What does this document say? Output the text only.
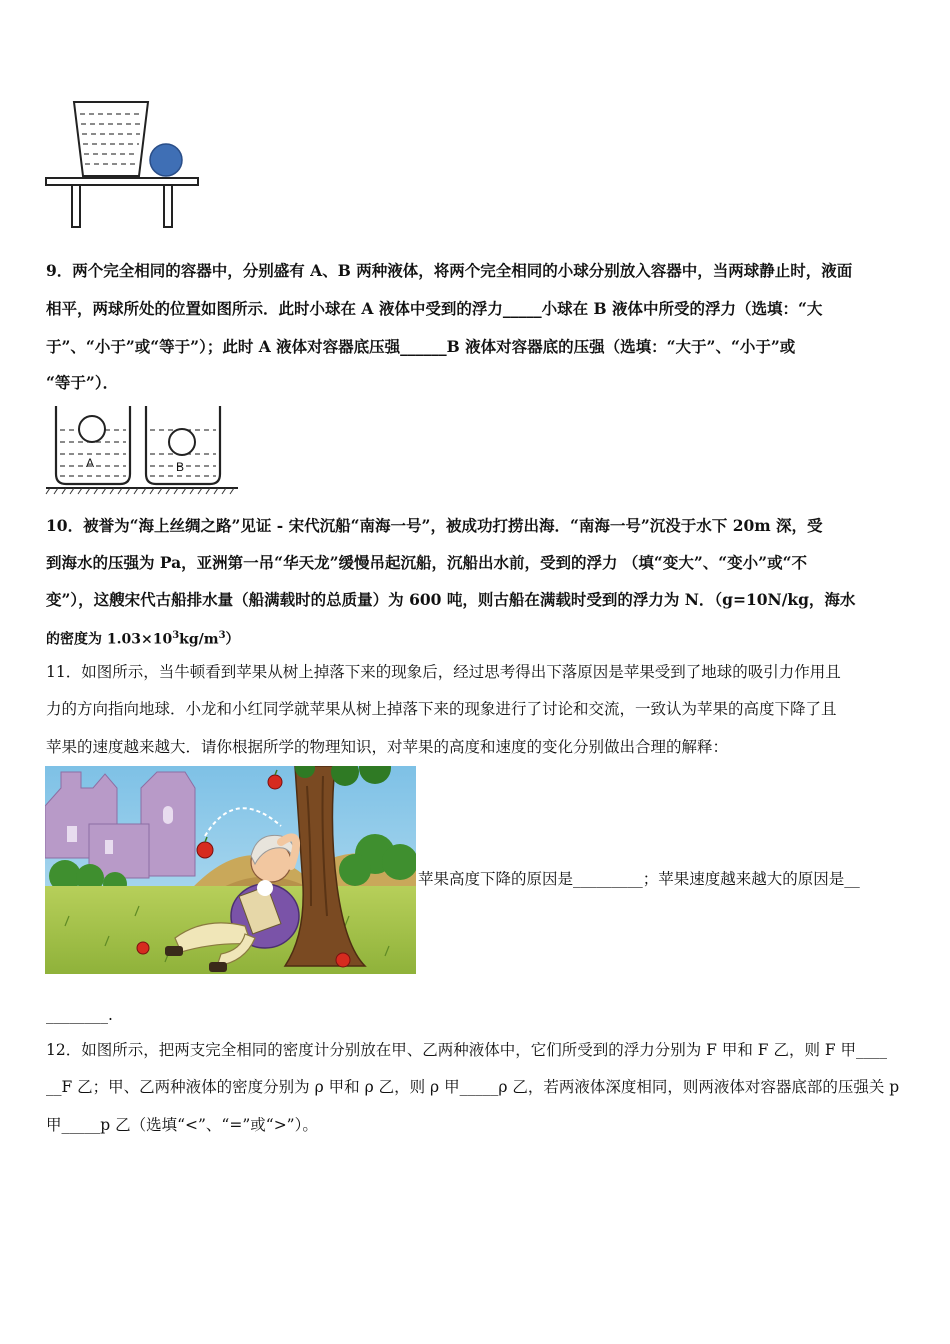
9．两个完全相同的容器中，分别盛有 A、B 两种液体，将两个完全相同的小球分别放入容器中，当两球静止时，液面
相平，两球所处的位置如图所示．此时小球在 A 液体中受到的浮力_____小球在 B 液体中所受的浮力（选填：“大
于”、“小于”或“等于”）；此时 A 液体对容器底压强______B 液体对容器底的压强（选填：“大于”、“小于”或
“等于”）．
A	B
10．被誉为“海上丝绸之路”见证 - 宋代沉船“南海一号”，被成功打捞出海．“南海一号”沉没于水下 20m 深，受
到海水的压强为 Pa，亚洲第一吊“华天龙”缓慢吊起沉船，沉船出水前，受到的浮力 （填“变大”、“变小”或“不
变”），这艘宋代古船排水量（船满载时的总质量）为 600 吨，则古船在满载时受到的浮力为 N．（g=10N/kg，海水
的密度为 $1.03\times 10^3kg/m^3$）
11．如图所示，当牛顿看到苹果从树上掉落下来的现象后，经过思考得出下落原因是苹果受到了地球的吸引力作用且
力的方向指向地球．小龙和小红同学就苹果从树上掉落下来的现象进行了讨论和交流，一致认为苹果的高度下降了且
苹果的速度越来越大．请你根据所学的物理知识，对苹果的高度和速度的变化分别做出合理的解释：
苹果高度下降的原因是_________；苹果速度越来越大的原因是__
________.
12．如图所示，把两支完全相同的密度计分别放在甲、乙两种液体中，它们所受到的浮力分别为 F 甲和 F 乙，则 F 甲____
__F 乙；甲、乙两种液体的密度分别为 ρ 甲和 ρ 乙，则 ρ 甲_____ρ 乙，若两液体深度相同，则两液体对容器底部的压强关 p
甲_____p 乙（选填“<”、“=”或“>”）。
